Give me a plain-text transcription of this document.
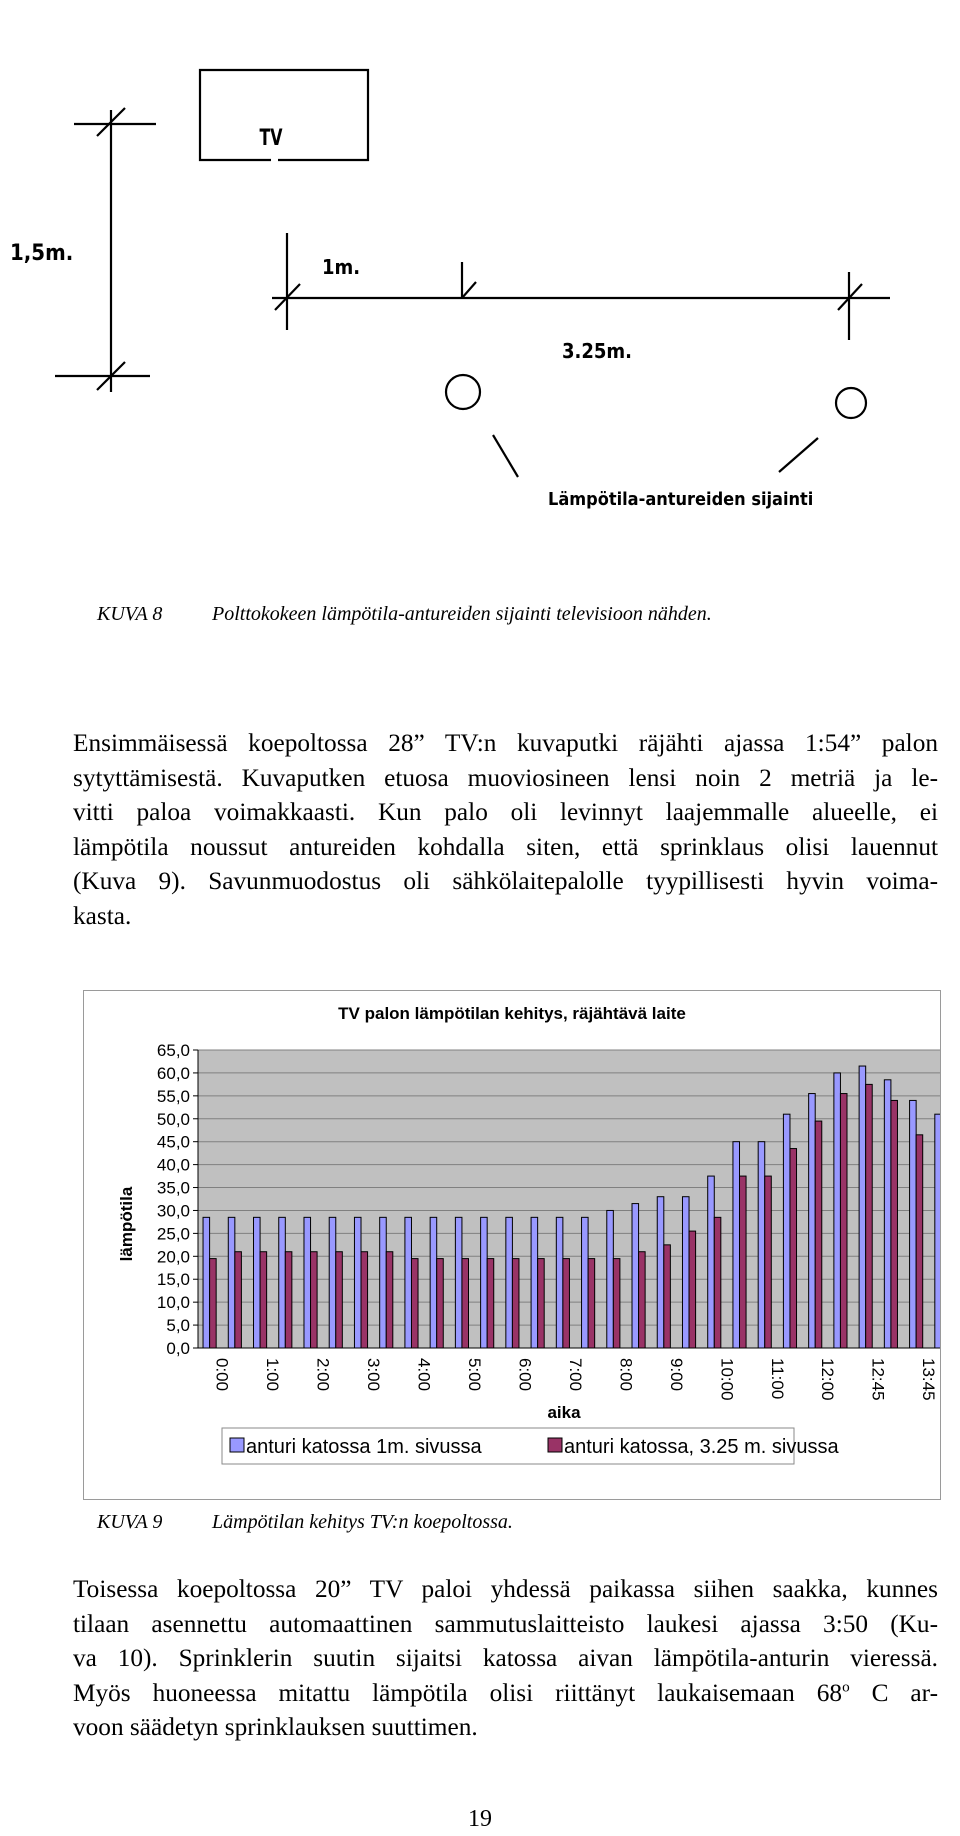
TV
1,5m.
1m.
3.25m.
Lämpötila-antureiden sijainti
KUVA 8 Polttokokeen lämpötila-antureiden sijainti televisioon nähden.
Ensimmäisessä koepoltossa 28” TV:n kuvaputki räjähti ajassa 1:54” palon
sytyttämisestä. Kuvaputken etuosa muoviosineen lensi noin 2 metriä ja le-
vitti paloa voimakkaasti. Kun palo oli levinnyt laajemmalle alueelle, ei
lämpötila noussut antureiden kohdalla siten, että sprinklaus olisi lauennut
(Kuva 9). Savunmuodostus oli sähkölaitepalolle tyypillisesti hyvin voima-
kasta.
TV palon lämpötilan kehitys, räjähtävä laite
0,0
5,0
10,0
15,0
20,0
25,0
30,0
35,0
40,0
45,0
50,0
55,0
60,0
65,0
0:00 1:00 2:00 3:00 4:00 5:00 6:00 7:00 8:00 9:00 10:00 11:00 12:00 12:45 13:45
lämpötila
aika
anturi katossa 1m. sivussa	anturi katossa, 3.25 m. sivussa
KUVA 9 Lämpötilan kehitys TV:n koepoltossa.
Toisessa koepoltossa 20” TV paloi yhdessä paikassa siihen saakka, kunnes
tilaan asennettu automaattinen sammutuslaitteisto laukesi ajassa 3:50 (Ku-
va 10). Sprinklerin suutin sijaitsi katossa aivan lämpötila-anturin vieressä.
Myös huoneessa mitattu lämpötila olisi riittänyt laukaisemaan 68$^o$ C ar-
voon säädetyn sprinklauksen suuttimen.
19
